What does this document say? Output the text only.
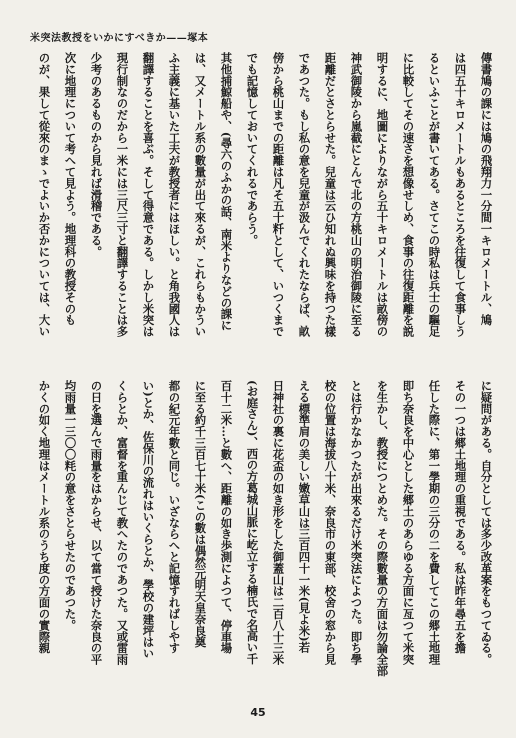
米突法教授をいかにすべきか——塚本
傳書鳩の課には鳩の飛翔力一分間一キロメートル、鳩
は四五十キロメートルもあるところを往復して食事しう
るといふことが書いてある。さてこの時私は兵士の驅足
に比較してその速さを想像せしめ、食事の往復距離を説
明するに、地圖によりながら五十キロメートルは畝傍の
神武御陵から嵐截にとんで北の方桃山の明治御陵に至る
距離だとさとらせた。兒童は云ひ知れぬ興味を持つた樣
であつた。もし私の意を兒童が汲んでくれたならば、畝
傍から桃山までの距離は凡そ五十粁として、いつくまで
でも記憶しておいてくれるであらう。
其他捕鯨船や、(尋六のふかの話、南米よりなどの課に
は、又メートル系の數量が出て來るが、これらもかうい
ふ主義に基いた工夫が教授者にはほしい。と角我國人は
翻譯することを喜ぶ。そして得意である。しかし米突は
現行制なのだから一米には三尺三寸と翻譯することは多
少考のあるものから見れば滑稽である。
次に地理について考へて見よう。地理科の教授そのも
のが、果して從來のまゝでよいか否かについては、大い
に疑問がある。自分としては多少改革案をもつてゐる。
その一つは郷土地理の重視である。私は昨年尋五を擔
任した際に、第一學期の三分の二を費してこの郷土地理
即ち奈良を中心とした郷土のあらゆる方面に亙つて米突
を生かし、教授につとめた。その際數量の方面は勿論全部
とは行かなかつたが出來るだけ米突法によつた。即ち學
校の位置は海拔八十米、奈良市の東部、校舍の窓から見
える標準肩の美しい嫩草山は三百四十一米(見よ米)若
日神社の裏に花盃の如き形をした御蓋山は二百八十三米
(お庭さん)、西の方葛城山脈に屹立する楠氏で名高い千
百十二米…と數へ、距離の如き歩測によつて、停車場
に至る約千三百七十米(この數は偶然元明天皇奈良奠
都の紀元年數と同じ。いざならへと記憶すればしやす
い)とか、佐保川の流れはいくらとか、學校の建坪はい
くらとか、富督を重んじて教へたのであつた。又或雷雨
の日を選んで雨量をはからせ、以て當て授けた奈良の平
均雨量一三〇〇粍の意をさとらせたのであつた。
かくの如く地理はメートル系のうち度の方面の實際親
45
